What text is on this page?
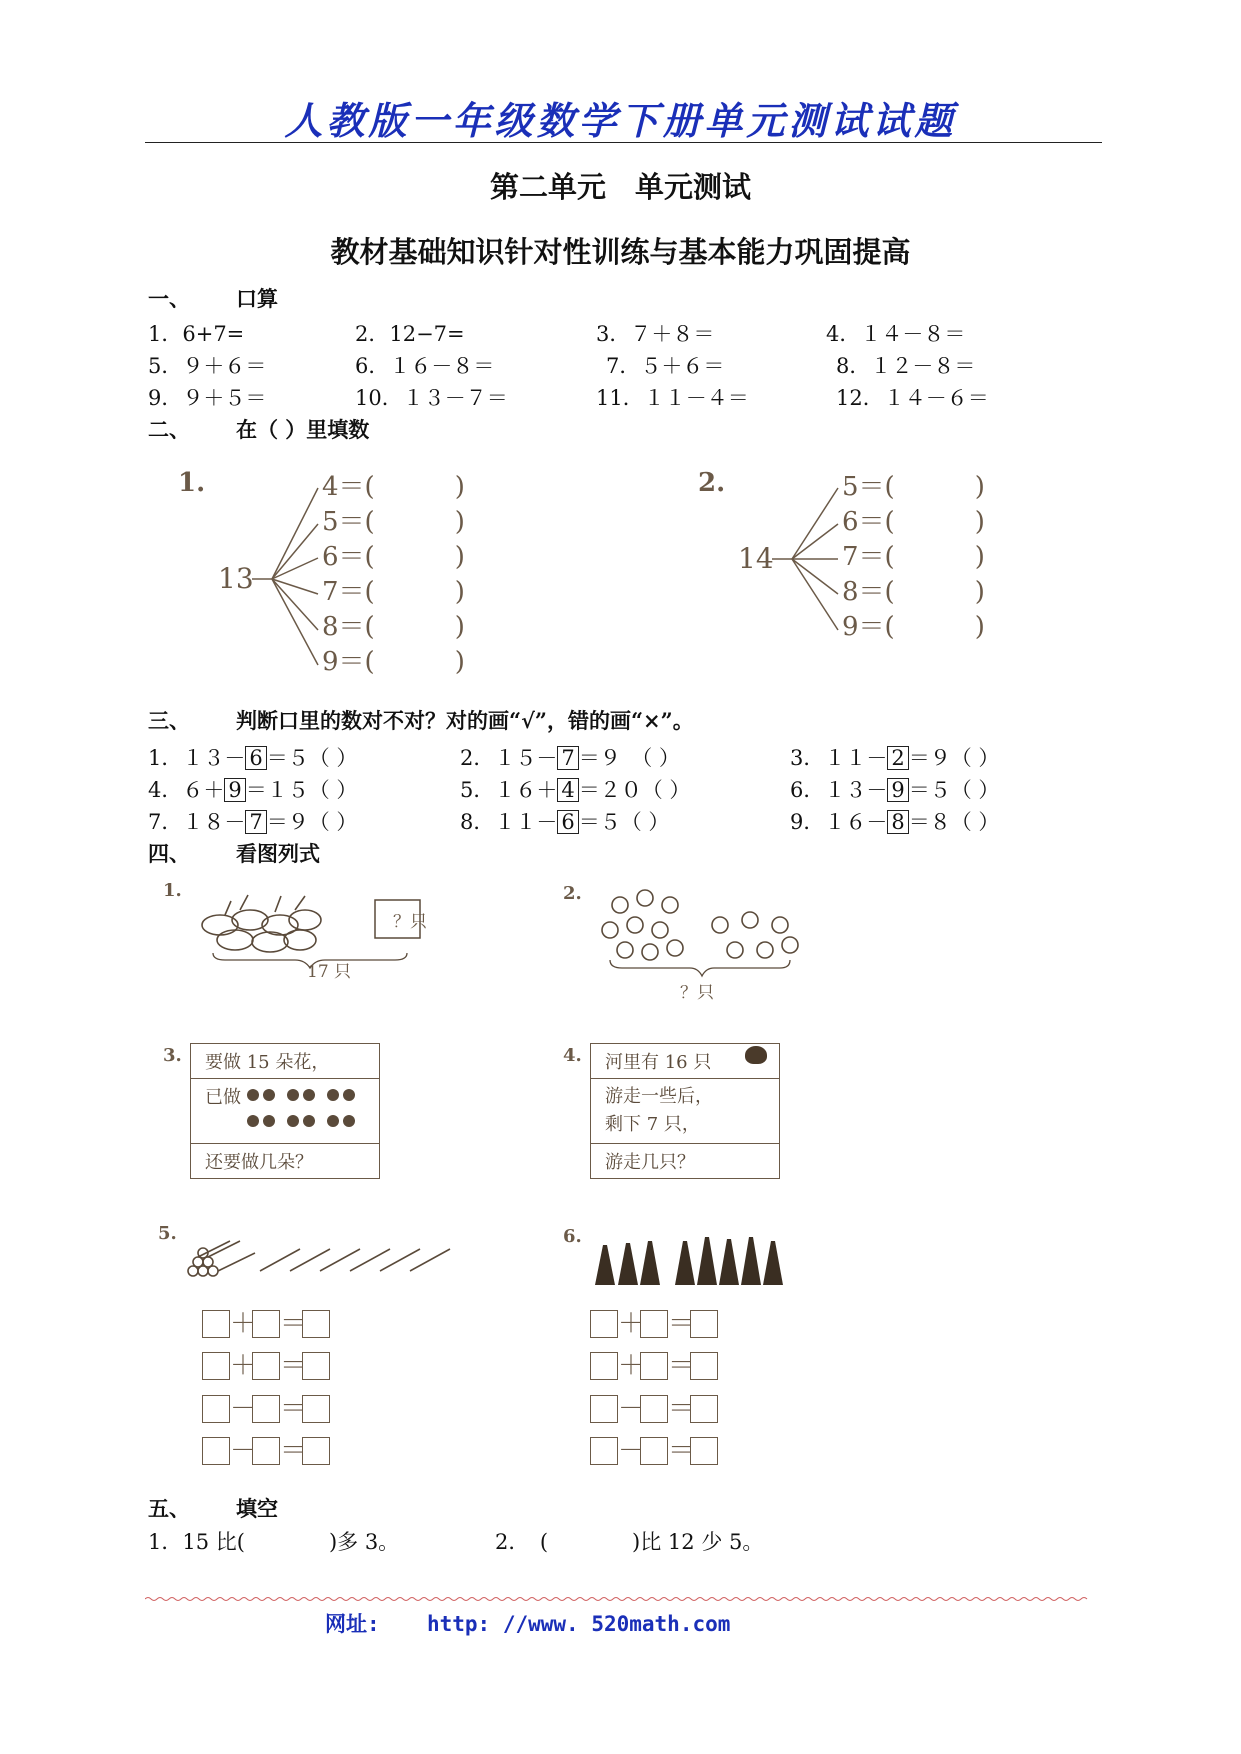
人教版一年级数学下册单元测试试题
第二单元　单元测试
教材基础知识针对性训练与基本能力巩固提高
一、 口算
1．6+7=	2．12−7=	3．７＋８＝	4．１４－８＝
5．９＋６＝	6．１６－８＝	7．５＋６＝	8．１２－８＝
9．９＋５＝	10．１３－７＝	11．１１－４＝	12．１４－６＝
二、 在（ ）里填数
1.
13
4＝(	)
5＝(	)
6＝(	)
7＝(	)
8＝(	)
9＝(	)
2.
14
5＝(	)
6＝(	)
7＝(	)
8＝(	)
9＝(	)
三、 判断口里的数对不对？对的画“√”，错的画“×”。
1．１３－ 6 ＝５（ ）	2．１５－ 7 ＝９　（ ）	3．１１－ 2 ＝９（ ）
4．６＋ 9 ＝１５（ ）	5．１６＋ 4 ＝２０（ ）	6．１３－ 9 ＝５（ ）
7．１８－ 7 ＝９（ ）	8．１１－ 6 ＝５（ ）	9．１６－ 8 ＝８（ ）
四、 看图列式
1.
？只
17 只
2.
？只
3.	要做 15 朵花，
已做
还要做几朵？
4.	河里有 16 只
游走一些后，
剩下 7 只，
游走几只？
5.
＋ ＝
＋ ＝
－ ＝
－ ＝
6.
＋ ＝
＋ ＝
－ ＝
－ ＝
五、 填空
1．15 比(　　　　)多 3。	2．　(　　　　)比 12 少 5。
网址: http: //www. 520math.com
